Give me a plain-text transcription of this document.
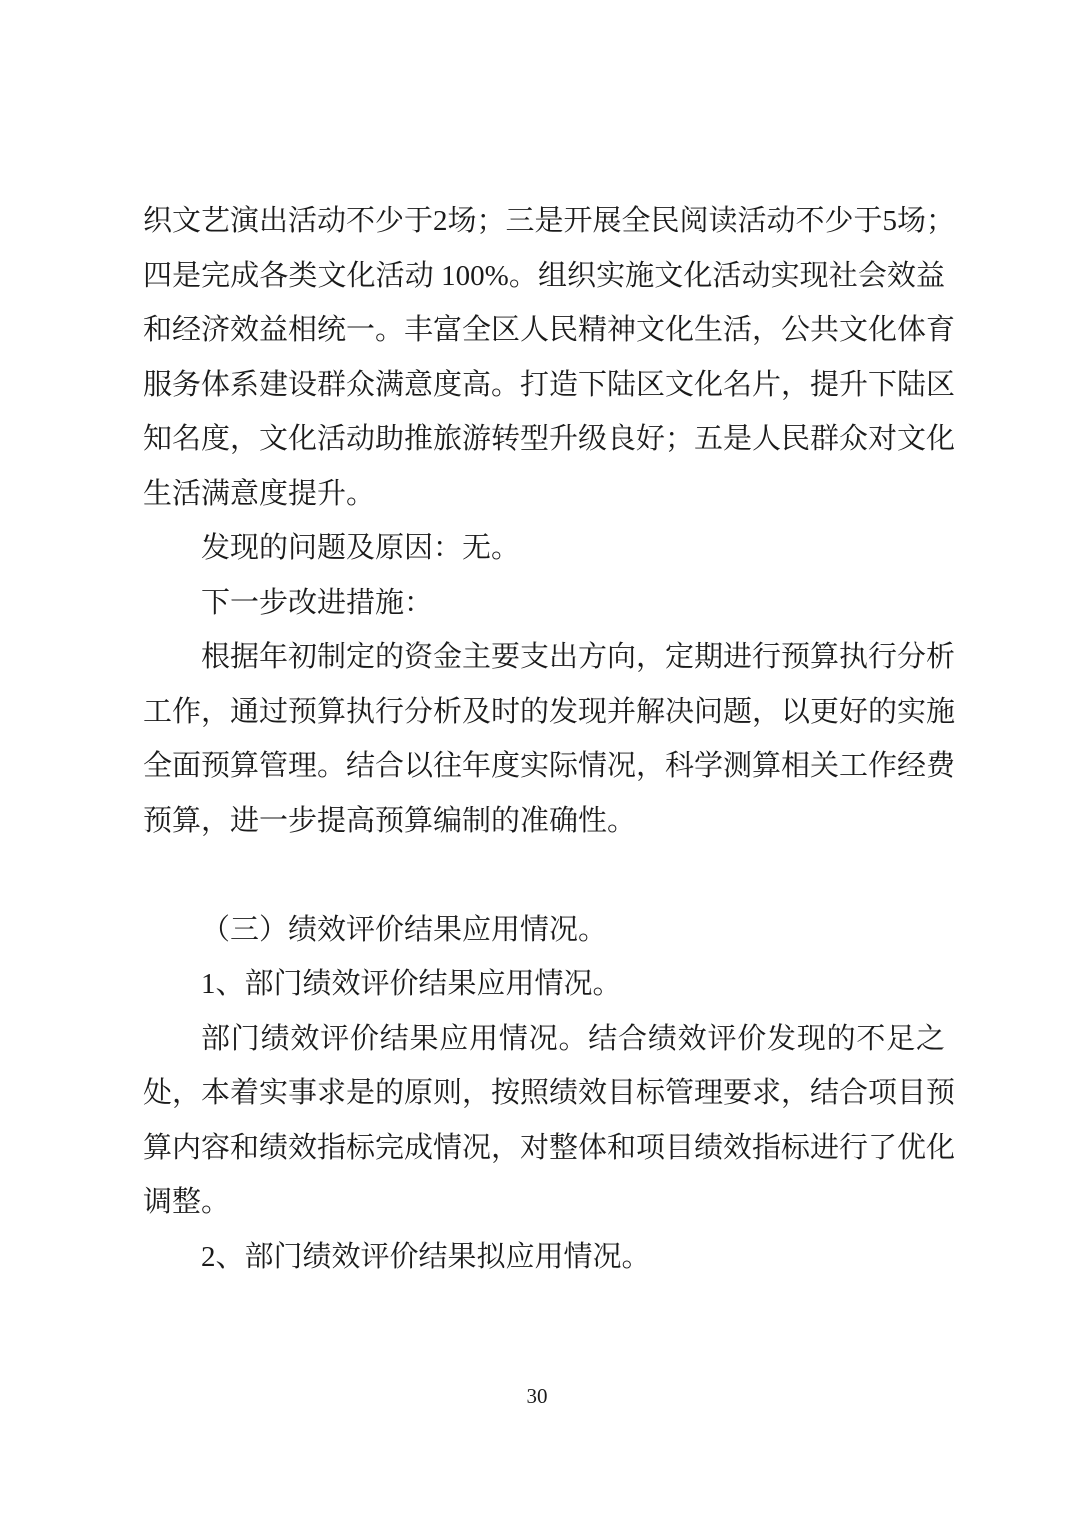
织文艺演出活动不少于2场；三是开展全民阅读活动不少于5场；
四是完成各类文化活动 100%。组织实施文化活动实现社会效益
和经济效益相统一。丰富全区人民精神文化生活，公共文化体育
服务体系建设群众满意度高。打造下陆区文化名片，提升下陆区
知名度，文化活动助推旅游转型升级良好；五是人民群众对文化
生活满意度提升。
发现的问题及原因：无。
下一步改进措施：
根据年初制定的资金主要支出方向，定期进行预算执行分析
工作，通过预算执行分析及时的发现并解决问题，以更好的实施
全面预算管理。结合以往年度实际情况，科学测算相关工作经费
预算，进一步提高预算编制的准确性。
（三）绩效评价结果应用情况。
1、部门绩效评价结果应用情况。
部门绩效评价结果应用情况。结合绩效评价发现的不足之
处，本着实事求是的原则，按照绩效目标管理要求，结合项目预
算内容和绩效指标完成情况，对整体和项目绩效指标进行了优化
调整。
2、部门绩效评价结果拟应用情况。
30
